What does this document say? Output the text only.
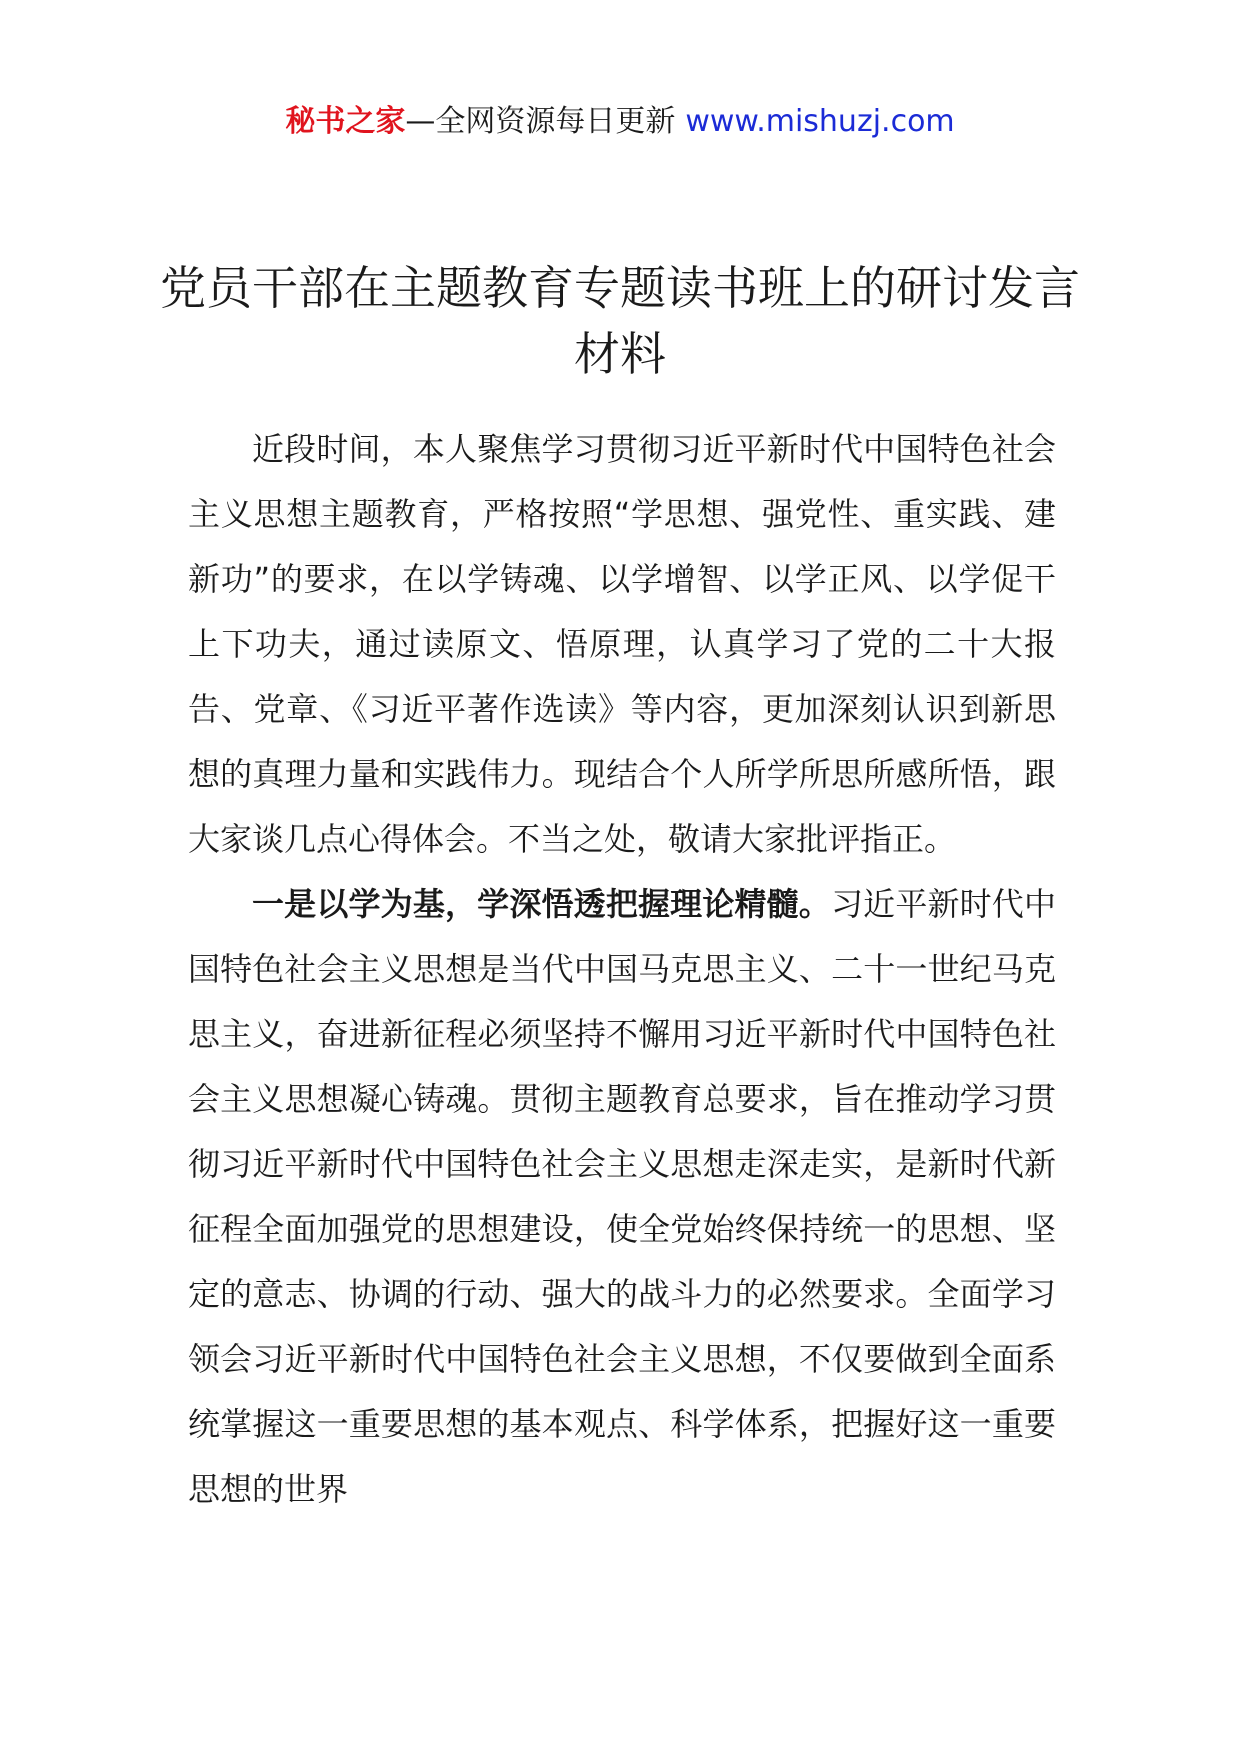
秘书之家—全网资源每日更新 www.mishuzj.com
党员干部在主题教育专题读书班上的研讨发言材料

近段时间，本人聚焦学习贯彻习近平新时代中国特色社会主义思想主题教育，严格按照“学思想、强党性、重实践、建新功”的要求，在以学铸魂、以学增智、以学正风、以学促干上下功夫，通过读原文、悟原理，认真学习了党的二十大报告、党章、《习近平著作选读》等内容，更加深刻认识到新思想的真理力量和实践伟力。现结合个人所学所思所感所悟，跟大家谈几点心得体会。不当之处，敬请大家批评指正。

一是以学为基，学深悟透把握理论精髓。习近平新时代中国特色社会主义思想是当代中国马克思主义、二十一世纪马克思主义，奋进新征程必须坚持不懈用习近平新时代中国特色社会主义思想凝心铸魂。贯彻主题教育总要求，旨在推动学习贯彻习近平新时代中国特色社会主义思想走深走实，是新时代新征程全面加强党的思想建设，使全党始终保持统一的思想、坚定的意志、协调的行动、强大的战斗力的必然要求。全面学习领会习近平新时代中国特色社会主义思想，不仅要做到全面系统掌握这一重要思想的基本观点、科学体系，把握好这一重要思想的世界
